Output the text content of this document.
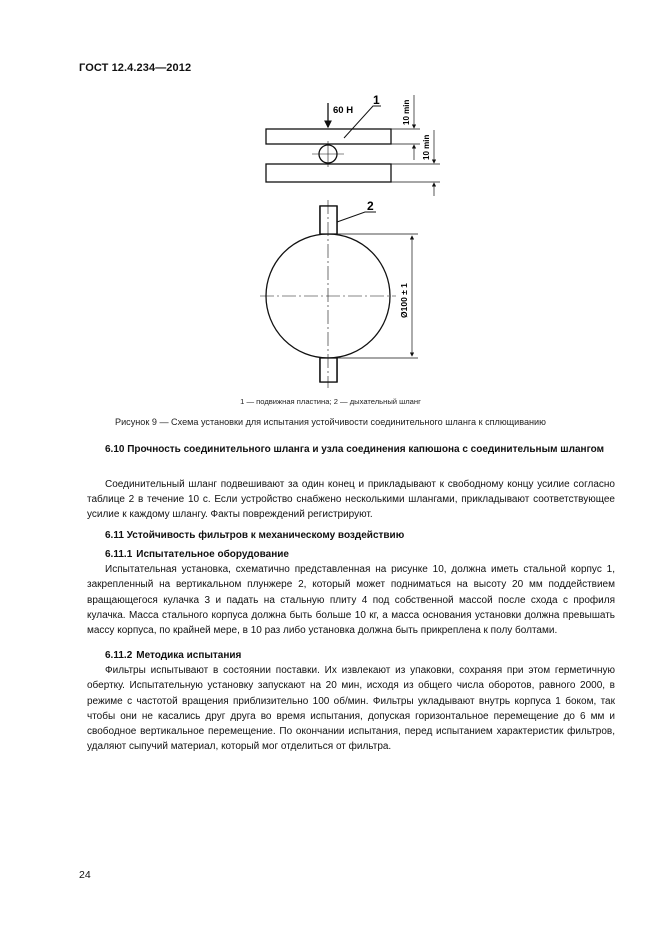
ГОСТ 12.4.234—2012
60 Н
1
2
10 min
10 min
Ø100 ± 1
1 — подвижная пластина; 2 — дыхательный шланг
Рисунок 9 — Схема установки для испытания устойчивости соединительного шланга к сплющиванию

6.10 Прочность соединительного шланга и узла соединения капюшона с соединительным шлангом

Соединительный шланг подвешивают за один конец и прикладывают к свободному концу усилие согласно таблице 2 в течение 10 с. Если устройство снабжено несколькими шлангами, прикладывают соответствующее усилие к каждому шлангу. Факты повреждений регистрируют.

6.11 Устойчивость фильтров к механическому воздействию

6.11.1 Испытательное оборудование

Испытательная установка, схематично представленная на рисунке 10, должна иметь стальной корпус 1, закрепленный на вертикальном плунжере 2, который может подниматься на высоту 20 мм поддействием вращающегося кулачка 3 и падать на стальную плиту 4 под собственной массой после схода с профиля кулачка. Масса стального корпуса должна быть больше 10 кг, а масса основания установки должна превышать массу корпуса, по крайней мере, в 10 раз либо установка должна быть прикреплена к полу болтами.

6.11.2 Методика испытания

Фильтры испытывают в состоянии поставки. Их извлекают из упаковки, сохраняя при этом герметичную обертку. Испытательную установку запускают на 20 мин, исходя из общего числа оборотов, равного 2000, в режиме с частотой вращения приблизительно 100 об/мин. Фильтры укладывают внутрь корпуса 1 боком, так чтобы они не касались друг друга во время испытания, допуская горизонтальное перемещение до 6 мм и свободное вертикальное перемещение. По окончании испытания, перед испытанием характеристик фильтров, удаляют сыпучий материал, который мог отделиться от фильтра.

24
